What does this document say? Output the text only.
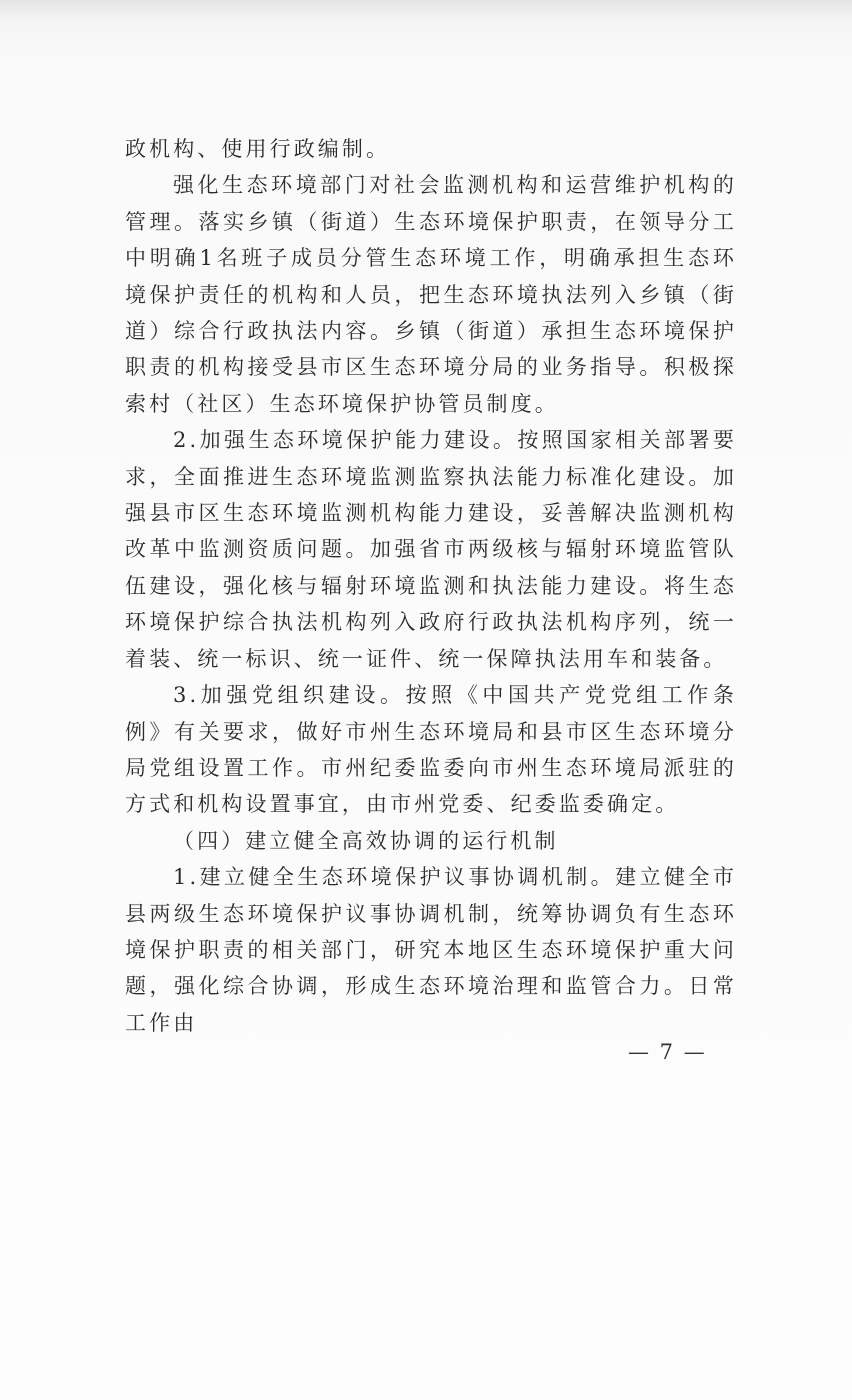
政机构、使用行政编制。

强化生态环境部门对社会监测机构和运营维护机构的管理。落实乡镇（街道）生态环境保护职责，在领导分工中明确1名班子成员分管生态环境工作，明确承担生态环境保护责任的机构和人员，把生态环境执法列入乡镇（街道）综合行政执法内容。乡镇（街道）承担生态环境保护职责的机构接受县市区生态环境分局的业务指导。积极探索村（社区）生态环境保护协管员制度。

2.加强生态环境保护能力建设。按照国家相关部署要求，全面推进生态环境监测监察执法能力标准化建设。加强县市区生态环境监测机构能力建设，妥善解决监测机构改革中监测资质问题。加强省市两级核与辐射环境监管队伍建设，强化核与辐射环境监测和执法能力建设。将生态环境保护综合执法机构列入政府行政执法机构序列，统一着装、统一标识、统一证件、统一保障执法用车和装备。

3.加强党组织建设。按照《中国共产党党组工作条例》有关要求，做好市州生态环境局和县市区生态环境分局党组设置工作。市州纪委监委向市州生态环境局派驻的方式和机构设置事宜，由市州党委、纪委监委确定。

（四）建立健全高效协调的运行机制

1.建立健全生态环境保护议事协调机制。建立健全市县两级生态环境保护议事协调机制，统筹协调负有生态环境保护职责的相关部门，研究本地区生态环境保护重大问题，强化综合协调，形成生态环境治理和监管合力。日常工作由

— 7 —
